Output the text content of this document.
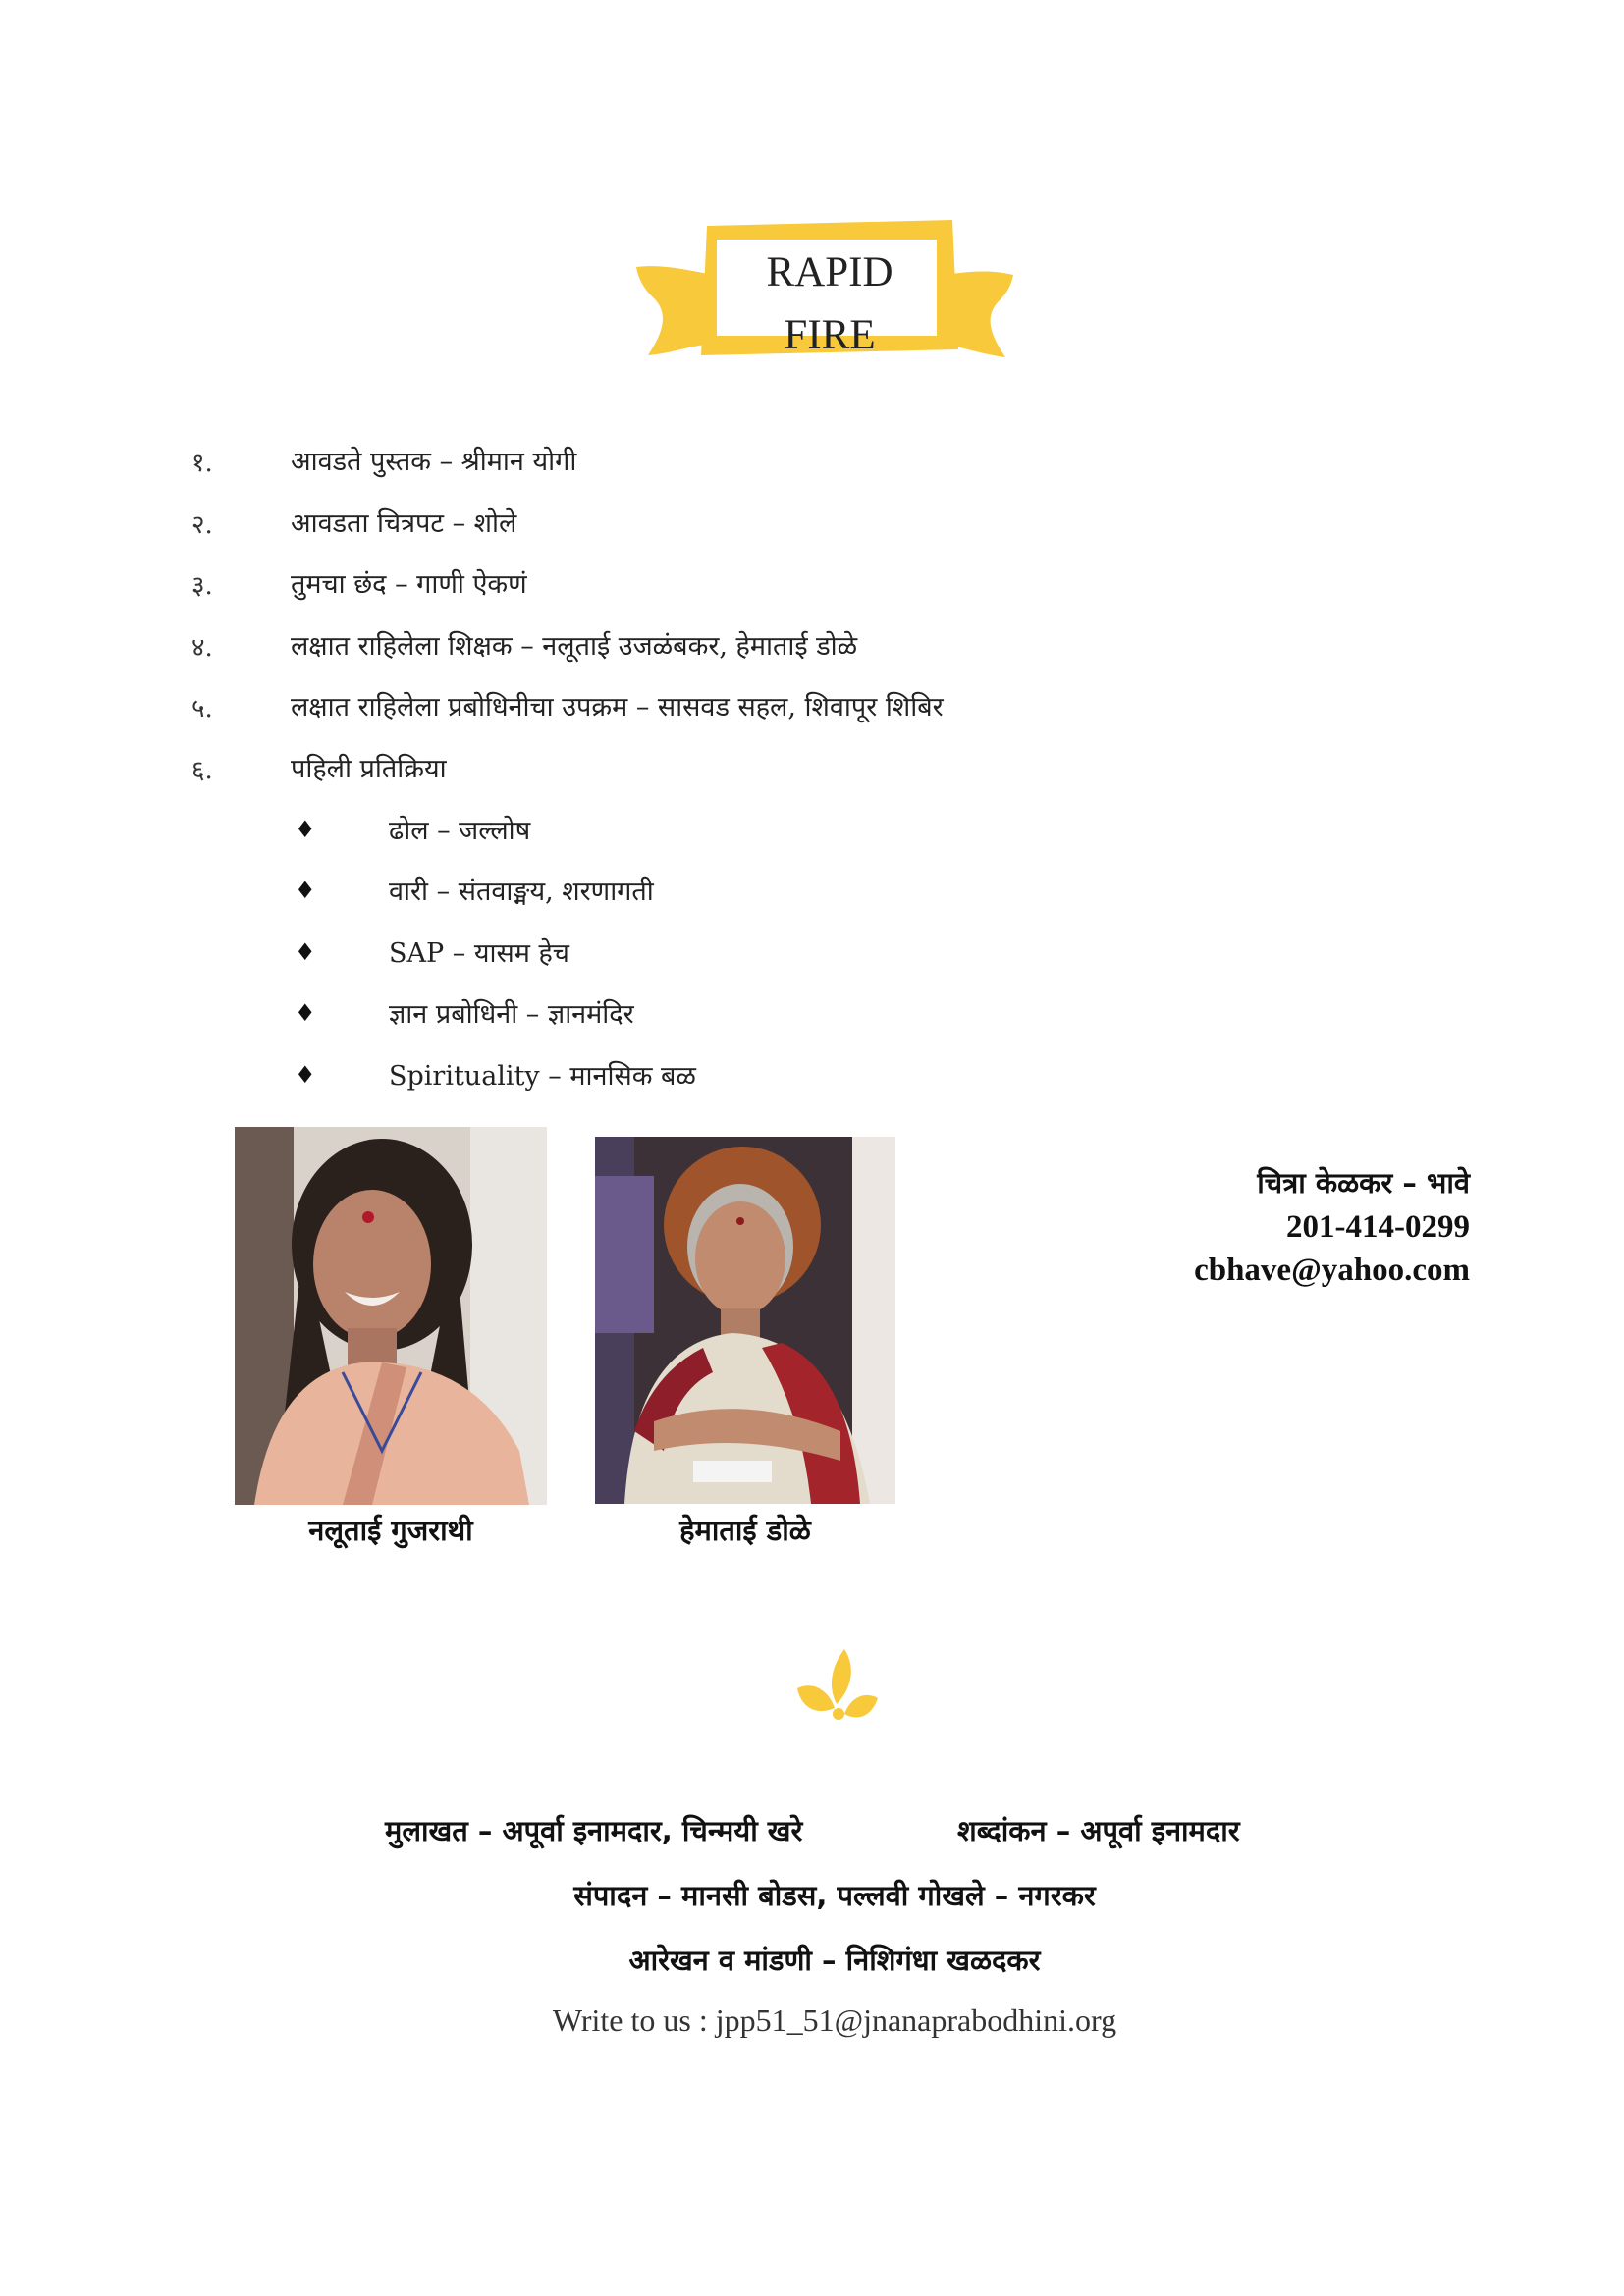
RAPID FIRE
१.	आवडते पुस्तक – श्रीमान योगी
२.	आवडता चित्रपट – शोले
३.	तुमचा छंद – गाणी ऐकणं
४.	लक्षात राहिलेला शिक्षक – नलूताई उजळंबकर, हेमाताई डोळे
५.	लक्षात राहिलेला प्रबोधिनीचा उपक्रम – सासवड सहल, शिवापूर शिबिर
६.	पहिली प्रतिक्रिया
♦	ढोल – जल्लोष
♦	वारी – संतवाङ्मय, शरणागती
♦	SAP – यासम हेच
♦	ज्ञान प्रबोधिनी – ज्ञानमंदिर
♦	Spirituality – मानसिक बळ
नलूताई गुजराथी	हेमाताई डोळे
चित्रा केळकर – भावे
201-414-0299
cbhave@yahoo.com
मुलाखत – अपूर्वा इनामदार, चिन्मयी खरे	शब्दांकन – अपूर्वा इनामदार
संपादन – मानसी बोडस, पल्लवी गोखले – नगरकर
आरेखन व मांडणी – निशिगंधा खळदकर
Write to us : jpp51_51@jnanaprabodhini.org
